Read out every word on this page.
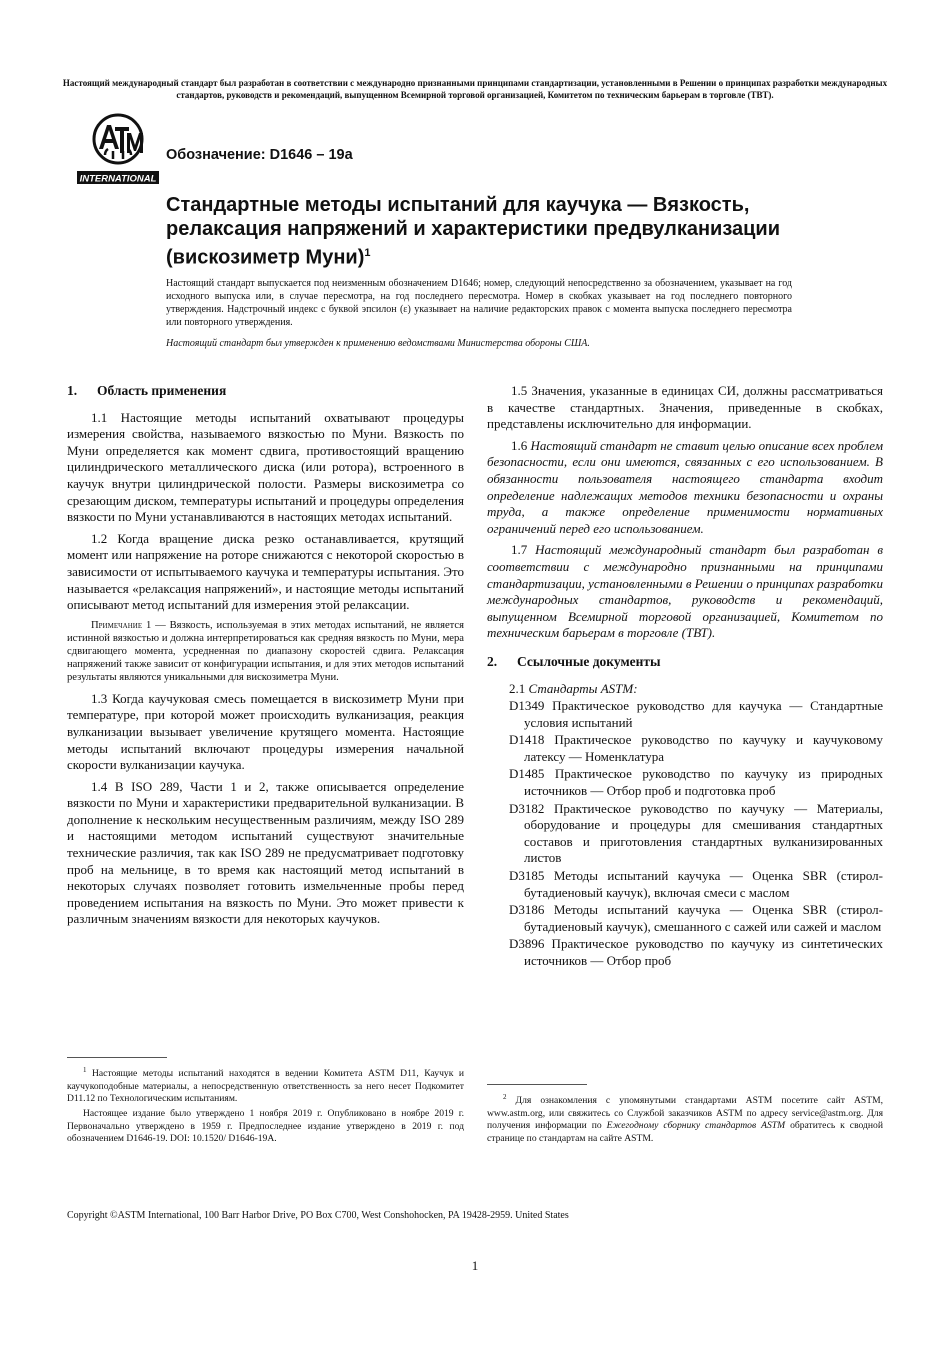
Настоящий международный стандарт был разработан в соответствии с международно признанными принципами стандартизации, установленными в Решении о принципах разработки международных стандартов, руководств и рекомендаций, выпущенном Всемирной торговой организацией, Комитетом по техническим барьерам в торговле (ТВТ).
INTERNATIONAL
Обозначение: D1646 – 19a
Стандартные методы испытаний для каучука — Вязкость, релаксация напряжений и характеристики предвулканизации (вискозиметр Муни)$^1$
Настоящий стандарт выпускается под неизменным обозначением D1646; номер, следующий непосредственно за обозначением, указывает на год исходного выпуска или, в случае пересмотра, на год последнего пересмотра. Номер в скобках указывает на год последнего повторного утверждения. Надстрочный индекс с буквой эпсилон (ε) указывает на наличие редакторских правок с момента выпуска последнего пересмотра или повторного утверждения.
Настоящий стандарт был утвержден к применению ведомствами Министерства обороны США.
1. Область применения

1.1 Настоящие методы испытаний охватывают процедуры измерения свойства, называемого вязкостью по Муни. Вязкость по Муни определяется как момент сдвига, противостоящий вращению цилиндрического металлического диска (или ротора), встроенного в каучук внутри цилиндрической полости. Размеры вискозиметра со срезающим диском, температуры испытаний и процедуры определения вязкости по Муни устанавливаются в настоящих методах испытаний.

1.2 Когда вращение диска резко останавливается, крутящий момент или напряжение на роторе снижаются с некоторой скоростью в зависимости от испытываемого каучука и температуры испытания. Это называется «релаксация напряжений», и настоящие методы испытаний описывают метод испытаний для измерения этой релаксации.

Примечание 1 — Вязкость, используемая в этих методах испытаний, не является истинной вязкостью и должна интерпретироваться как средняя вязкость по Муни, мера сдвигающего момента, усредненная по диапазону скоростей сдвига. Релаксация напряжений также зависит от конфигурации испытания, и для этих методов испытаний результаты являются уникальными для вискозиметра Муни.

1.3 Когда каучуковая смесь помещается в вискозиметр Муни при температуре, при которой может происходить вулканизация, реакция вулканизации вызывает увеличение крутящего момента. Настоящие методы испытаний включают процедуры измерения начальной скорости вулканизации каучука.

1.4 В ISO 289, Части 1 и 2, также описывается определение вязкости по Муни и характеристики предварительной вулканизации. В дополнение к нескольким несущественным различиям, между ISO 289 и настоящими методом испытаний существуют значительные технические различия, так как ISO 289 не предусматривает подготовку проб на мельнице, в то время как настоящий метод испытаний в некоторых случаях позволяет готовить измельченные пробы перед проведением испытания на вязкость по Муни. Это может привести к различным значениям вязкости для некоторых каучуков.

1.5 Значения, указанные в единицах СИ, должны рассматриваться в качестве стандартных. Значения, приведенные в скобках, представлены исключительно для информации.

1.6 Настоящий стандарт не ставит целью описание всех проблем безопасности, если они имеются, связанных с его использованием. В обязанности пользователя настоящего стандарта входит определение надлежащих методов техники безопасности и охраны труда, а также определение применимости нормативных ограничений перед его использованием.

1.7 Настоящий международный стандарт был разработан в соответствии с международно признанными на принципами стандартизации, установленными в Решении о принципах разработки международных стандартов, руководств и рекомендаций, выпущенном Всемирной торговой организацией, Комитетом по техническим барьерам в торговле (ТВТ).

2. Ссылочные документы

2.1 Стандарты ASTM:

D1349 Практическое руководство для каучука — Стандартные условия испытаний

D1418 Практическое руководство по каучуку и каучуковому латексу — Номенклатура

D1485 Практическое руководство по каучуку из природных источников — Отбор проб и подготовка проб

D3182 Практическое руководство по каучуку — Материалы, оборудование и процедуры для смешивания стандартных составов и приготовления стандартных вулканизированных листов

D3185 Методы испытаний каучука — Оценка SBR (стирол-бутадиеновый каучук), включая смеси с маслом

D3186 Методы испытаний каучука — Оценка SBR (стирол-бутадиеновый каучук), смешанного с сажей или сажей и маслом

D3896 Практическое руководство по каучуку из синтетических источников — Отбор проб

$^1$ Настоящие методы испытаний находятся в ведении Комитета ASTM D11, Каучук и каучукоподобные материалы, а непосредственную ответственность за него несет Подкомитет D11.12 по Технологическим испытаниям.

Настоящее издание было утверждено 1 ноября 2019 г. Опубликовано в ноябре 2019 г. Первоначально утверждено в 1959 г. Предпоследнее издание утверждено в 2019 г. под обозначением D1646-19. DOI: 10.1520/ D1646-19A.

$^2$ Для ознакомления с упомянутыми стандартами ASTM посетите сайт ASTM, www.astm.org, или свяжитесь со Службой заказчиков ASTM по адресу service@astm.org. Для получения информации по Ежегодному сборнику стандартов ASTM обратитесь к сводной странице по стандартам на сайте ASTM.

Copyright ©ASTM International, 100 Barr Harbor Drive, PO Box C700, West Conshohocken, PA 19428-2959. United States
1
